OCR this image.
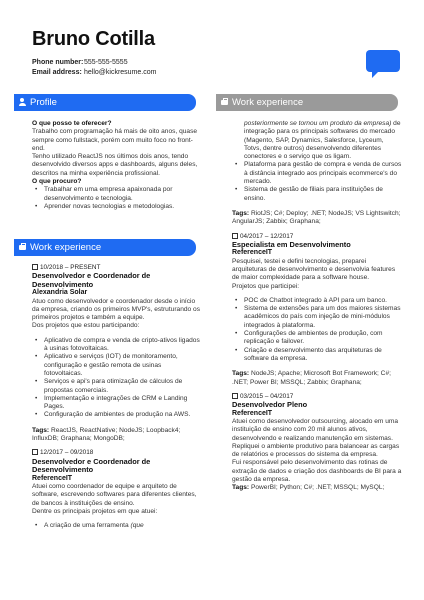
Bruno Cotilla
Phone number:555-555-5555
Email address: hello@kickresume.com
Profile
O que posso te oferecer?
Trabalho com programação há mais de oito anos, quase sempre como fullstack, porém com muito foco no front-end.
Tenho utilizado ReactJS nos últimos dois anos, tendo desenvolvido diversos apps e dashboards, alguns deles, descritos na minha experiência profissional.
O que procuro?
• Trabalhar em uma empresa apaixonada por desenvolvimento e tecnologia.
• Aprender novas tecnologias e metodologias.
Work experience
10/2018 – PRESENT
Desenvolvedor e Coordenador de Desenvolvimento
Alexandria Solar
Atuo como desenvolvedor e coordenador desde o início da empresa, criando os primeiros MVP's, estruturando os primeiros projetos e também a equipe.
Dos projetos que estou participando:
• Aplicativo de compra e venda de cripto-ativos ligados à usinas fotovoltaicas.
• Aplicativo e serviços (IOT) de monitoramento, configuração e gestão remota de usinas fotovoltaicas.
• Serviços e api's para otimização de cálculos de propostas comerciais.
• Implementação e integrações de CRM e Landing Pages.
• Configuração de ambientes de produção na AWS.
Tags: ReactJS, ReactNative; NodeJS; Loopback4; InfluxDB; Graphana; MongoDB;
12/2017 – 09/2018
Desenvolvedor e Coordenador de Desenvolvimento
ReferenceIT
Atuei como coordenador de equipe e arquiteto de software, escrevendo softwares para diferentes clientes, de bancos à instituições de ensino.
Dentre os principais projetos em que atuei:
• A criação de uma ferramenta (que
Work experience
posteriormente se tornou um produto da empresa) de integração para os principais softwares do mercado (Magento, SAP, Dynamics, Salesforce, Lyceum, Totvs, dentre outros) desenvolvendo diferentes conectores e o serviço que os ligam.
• Plataforma para gestão de compra e venda de cursos à distância integrado aos principais ecommerce's do mercado.
• Sistema de gestão de filiais para instituições de ensino.
Tags: RiotJS; C#; Deploy; .NET; NodeJS; VS Lightswitch; AngularJS; Zabbix; Graphana;
04/2017 – 12/2017
Especialista em Desenvolvimento
ReferenceIT
Pesquisei, testei e defini tecnologias, preparei arquiteturas de desenvolvimento e desenvolvia features de maior complexidade para a software house.
Projetos que participei:
• POC de Chatbot integrado à API para um banco.
• Sistema de extensões para um dos maiores sistemas acadêmicos do país com injeção de mini-módulos integrados à plataforma.
• Configurações de ambientes de produção, com replicação e failover.
• Criação e desenvolvimento das arquiteturas de software da empresa.
Tags: NodeJS; Apache; Microsoft Bot Framework; C#; .NET; Power BI; MSSQL; Zabbix; Graphana;
03/2015 – 04/2017
Desenvolvedor Pleno
ReferenceIT
Atuei como desenvolvedor outsourcing, alocado em uma instituição de ensino com 20 mil alunos ativos, desenvolvendo e realizando manutenção em sistemas.
Repliquei o ambiente produtivo para balancear as cargas de relatórios e processos do sistema da empresa.
Fui responsável pelo desenvolvimento das rotinas de extração de dados e criação dos dashboards de BI para a gestão da empresa.
Tags: PowerBI; Python; C#; .NET; MSSQL; MySQL;
